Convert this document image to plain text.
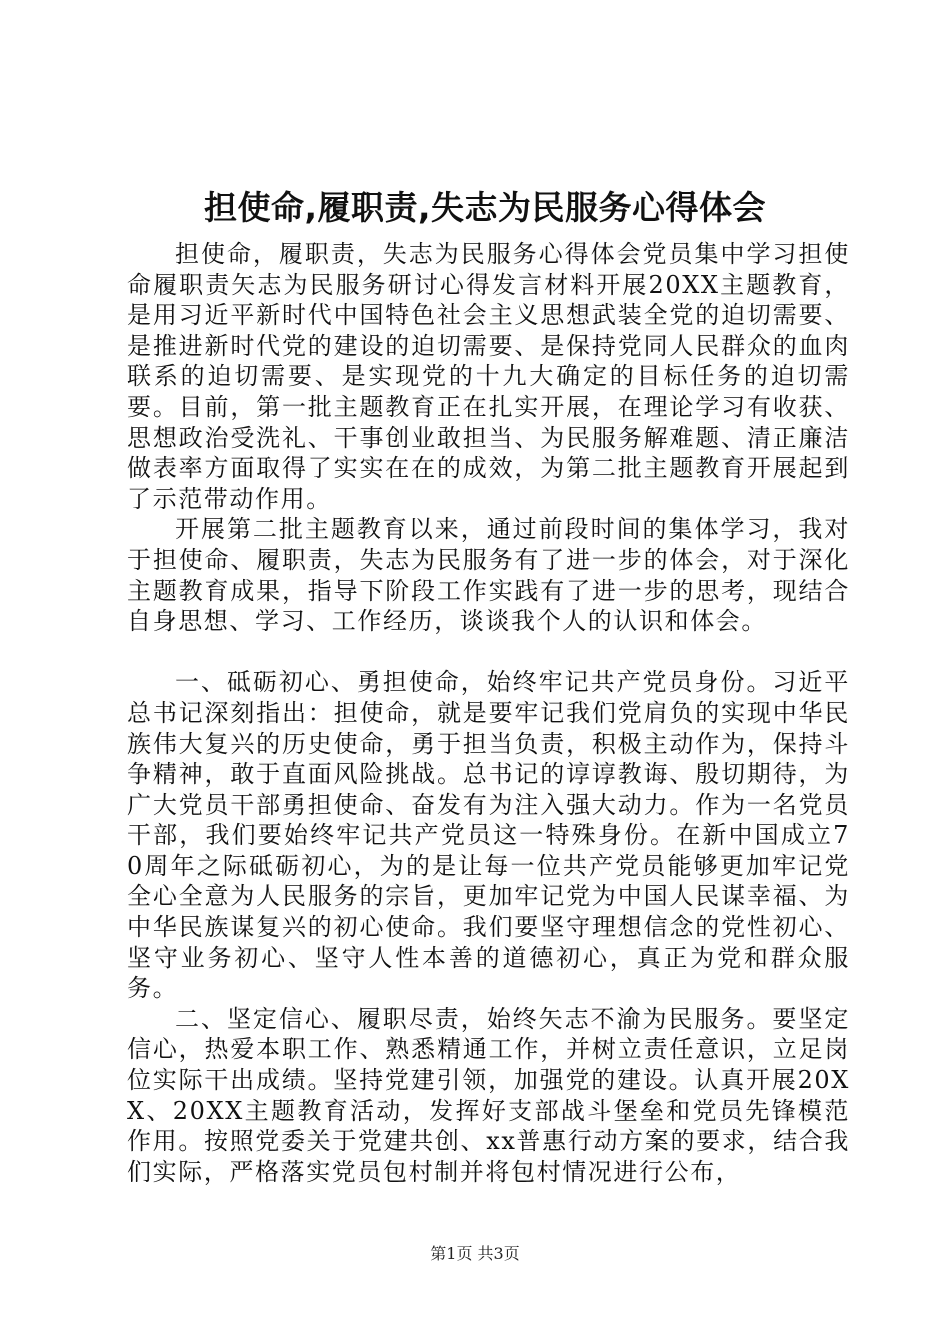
担使命,履职责,失志为民服务心得体会

担使命，履职责，失志为民服务心得体会党员集中学习担使命履职责矢志为民服务研讨心得发言材料开展20XX主题教育，是用习近平新时代中国特色社会主义思想武装全党的迫切需要、是推进新时代党的建设的迫切需要、是保持党同人民群众的血肉联系的迫切需要、是实现党的十九大确定的目标任务的迫切需要。目前，第一批主题教育正在扎实开展，在理论学习有收获、思想政治受洗礼、干事创业敢担当、为民服务解难题、清正廉洁做表率方面取得了实实在在的成效，为第二批主题教育开展起到了示范带动作用。

开展第二批主题教育以来，通过前段时间的集体学习，我对于担使命、履职责，失志为民服务有了进一步的体会，对于深化主题教育成果，指导下阶段工作实践有了进一步的思考，现结合自身思想、学习、工作经历，谈谈我个人的认识和体会。

一、砥砺初心、勇担使命，始终牢记共产党员身份。习近平总书记深刻指出：担使命，就是要牢记我们党肩负的实现中华民族伟大复兴的历史使命，勇于担当负责，积极主动作为，保持斗争精神，敢于直面风险挑战。总书记的谆谆教诲、殷切期待，为广大党员干部勇担使命、奋发有为注入强大动力。作为一名党员干部，我们要始终牢记共产党员这一特殊身份。在新中国成立70周年之际砥砺初心，为的是让每一位共产党员能够更加牢记党全心全意为人民服务的宗旨，更加牢记党为中国人民谋幸福、为中华民族谋复兴的初心使命。我们要坚守理想信念的党性初心、坚守业务初心、坚守人性本善的道德初心，真正为党和群众服务。

二、坚定信心、履职尽责，始终矢志不渝为民服务。要坚定信心，热爱本职工作、熟悉精通工作，并树立责任意识，立足岗位实际干出成绩。坚持党建引领，加强党的建设。认真开展20XX、20XX主题教育活动，发挥好支部战斗堡垒和党员先锋模范作用。按照党委关于党建共创、xx普惠行动方案的要求，结合我们实际，严格落实党员包村制并将包村情况进行公布，

第1页 共3页
